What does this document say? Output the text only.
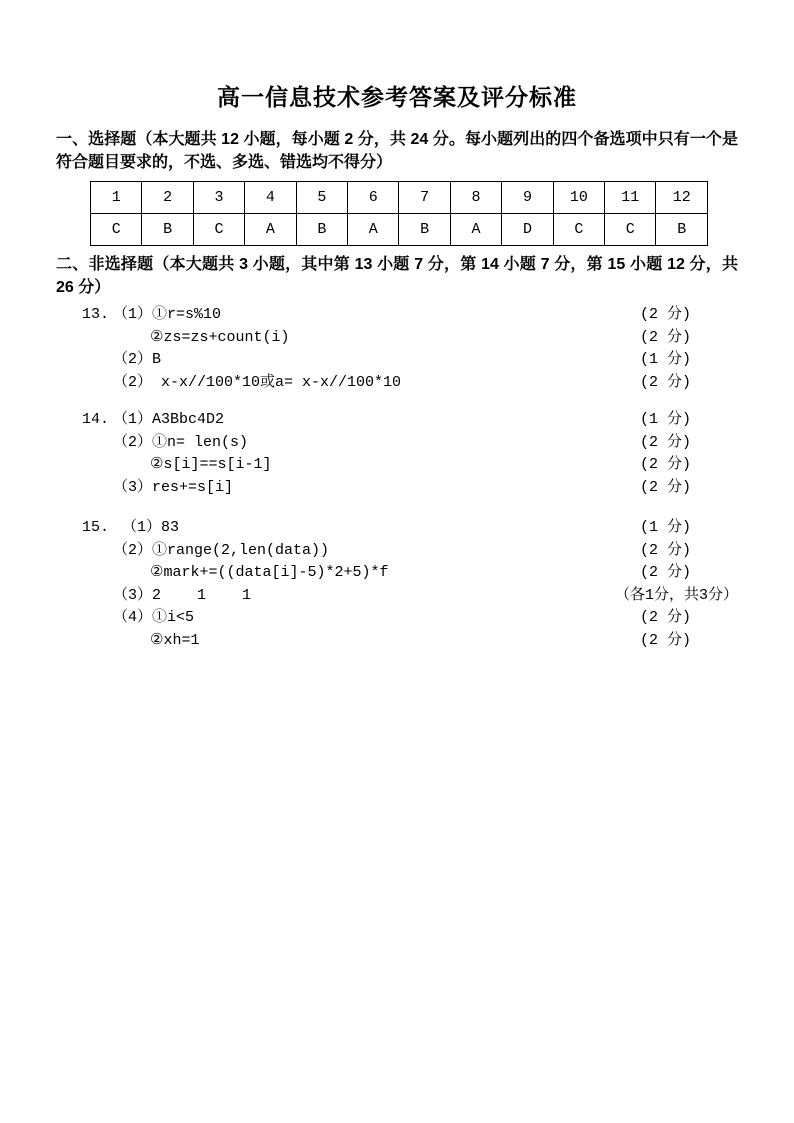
高一信息技术参考答案及评分标准

一、选择题（本大题共 12 小题，每小题 2 分，共 24 分。每小题列出的四个备选项中只有一个是符合题目要求的，不选、多选、错选均不得分）

1	2	3	4	5	6	7	8	9	10	11	12
C	B	C	A	B	A	B	A	D	C	C	B

二、非选择题（本大题共 3 小题，其中第 13 小题 7 分，第 14 小题 7 分，第 15 小题 12 分，共 26 分）

13. （1）①r=s%10	(2 分)
②zs=zs+count(i)	(2 分)
（2）B	(1 分)
（2） x-x//100*10或a= x-x//100*10	(2 分)
14. （1）A3Bbc4D2	(1 分)
（2）①n= len(s)	(2 分)
②s[i]==s[i-1]	(2 分)
（3）res+=s[i]	(2 分)
15. （1）83	(1 分)
（2）①range(2,len(data))	(2 分)
②mark+=((data[i]-5)*2+5)*f	(2 分)
（3）2    1    1	（各1分，共3分）
（4）①i<5	(2 分)
②xh=1	(2 分)
